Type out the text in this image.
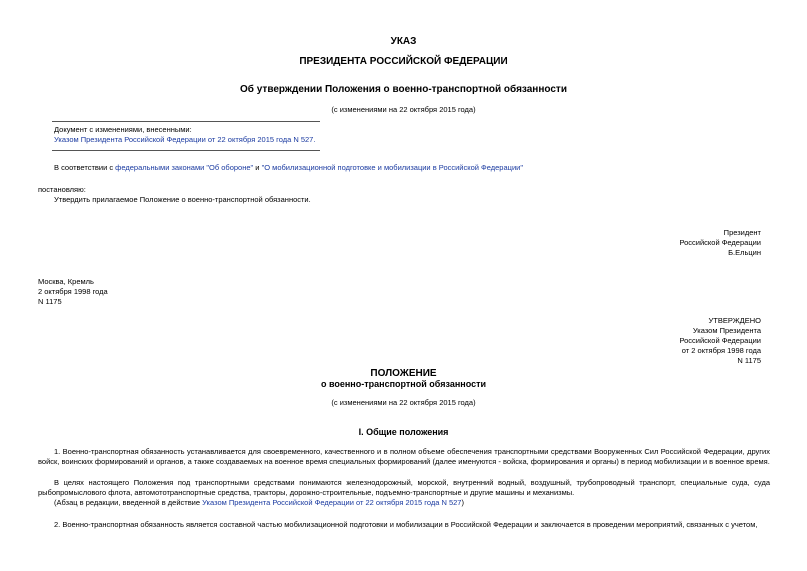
УКАЗ
ПРЕЗИДЕНТА РОССИЙСКОЙ ФЕДЕРАЦИИ
Об утверждении Положения о военно-транспортной обязанности
(с изменениями на 22 октября 2015 года)
Документ с изменениями, внесенными:
Указом Президента Российской Федерации от 22 октября 2015 года N 527.
В соответствии с федеральными законами "Об обороне" и "О мобилизационной подготовке и мобилизации в Российской Федерации"
постановляю:
Утвердить прилагаемое Положение о военно-транспортной обязанности.
Президент
Российской Федерации
Б.Ельцин
Москва, Кремль
2 октября 1998 года
N 1175
УТВЕРЖДЕНО
Указом Президента
Российской Федерации
от 2 октября 1998 года
N 1175
ПОЛОЖЕНИЕ
о военно-транспортной обязанности
(с изменениями на 22 октября 2015 года)
I. Общие положения
1. Военно-транспортная обязанность устанавливается для своевременного, качественного и в полном объеме обеспечения транспортными средствами Вооруженных Сил Российской Федерации, других войск, воинских формирований и органов, а также создаваемых на военное время специальных формирований (далее именуются - войска, формирования и органы) в период мобилизации и в военное время.
В целях настоящего Положения под транспортными средствами понимаются железнодорожный, морской, внутренний водный, воздушный, трубопроводный транспорт, специальные суда, суда рыбопромыслового флота, автомототранспортные средства, тракторы, дорожно-строительные, подъемно-транспортные и другие машины и механизмы.
(Абзац в редакции, введенной в действие Указом Президента Российской Федерации от 22 октября 2015 года N 527)
2. Военно-транспортная обязанность является составной частью мобилизационной подготовки и мобилизации в Российской Федерации и заключается в проведении мероприятий, связанных с учетом,
